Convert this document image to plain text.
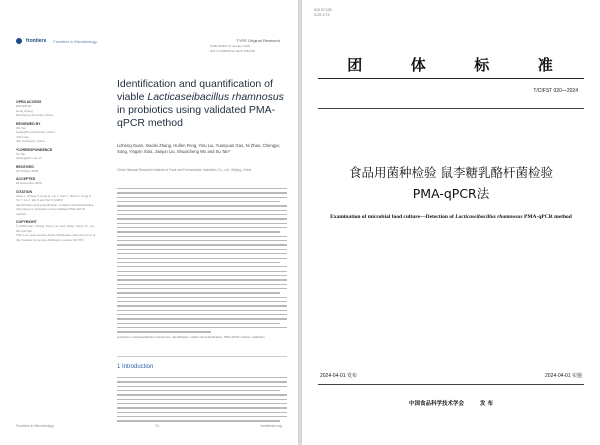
frontiers Frontiers in Microbiology	TYPE Original Research
PUBLISHED 07 January 2026
DOI 10.3389/fmicb.2025.1581284
OPEN ACCESS
EDITED BY
Hong Cheng
Nanchang University, China
REVIEWED BY
Zhi Yan
Guangzhou University, China
Yulin Cao
Jilin University, China
*CORRESPONDENCE
Su Tan
sutan@jwtc.com.cn
RECEIVED
30 October 2025
ACCEPTED
04 December 2025
CITATION
Guan L, Zhang X, Feng H, Liu Y, Gao Y, Zhao X, Song C, Xu Y, Liu J, Wu S and Tan S (2026)
Identification and quantification of viable Lacticaseibacillus rhamnosus in probiotics using validated PMA-qPCR method.
COPYRIGHT
© 2026 Guan, Zhang, Feng, Liu, Gao, Zhao, Song, Xu, Liu, Wu and Tan.
This is an open-access article distributed under the terms of the Creative Commons Attribution License (CC BY).
Identification and quantification of viable Lacticaseibacillus rhamnosus in probiotics using validated PMA-qPCR method
Lizheng Guan, Xiaolei Zhang, Huifen Feng, Yinu Liu, Yuanyuan Gao, Ni Zhao, Chengyu Song, Yingxin Xiao, Jianjun Liu, Shuaicheng Wu and Su Tan*
China National Research Institute of Food and Fermentation Industries Co., Ltd., Beijing, China
probiotics, Lacticaseibacillus rhamnosus, identification, viable cell quantification, PMA-qPCR method, validation
1 Introduction
Frontiers in Microbiology	01	frontiersin.org
ICS 07.100
CCS X 72
团	体	标	准
T/CIFST 020—2024
食品用菌种检验 鼠李糖乳酪杆菌检验
PMA-qPCR法
Examination of microbial food culture—Detection of Lacticaseibacillus rhamnosus PMA-qPCR method
2024-04-01 发布	2024-04-01 实施
中国食品科学技术学会	发 布
